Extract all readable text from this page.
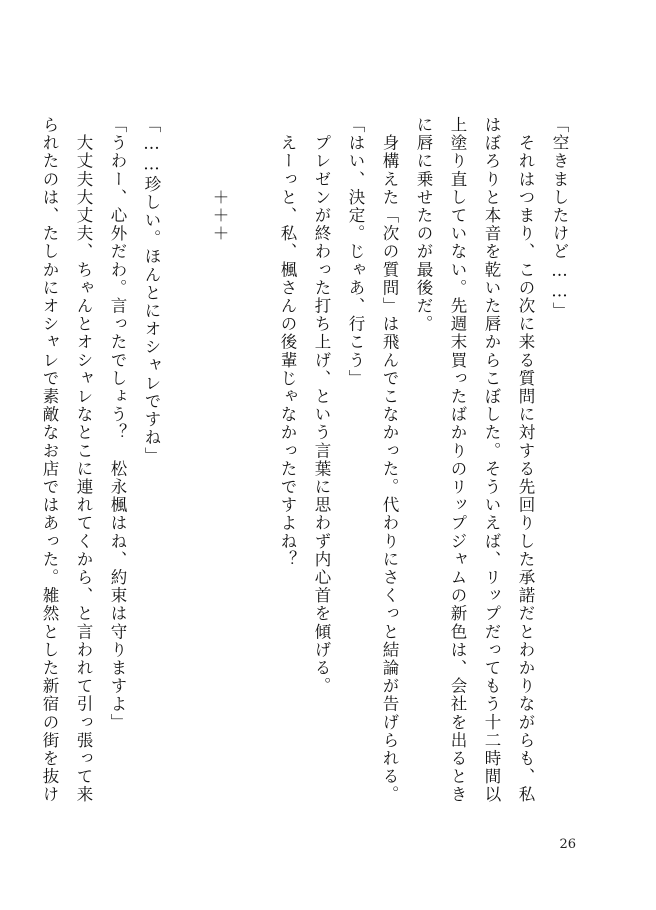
「空きましたけど……」
　それはつまり、この次に来る質問に対する先回りした承諾だとわかりながらも、私
はぼろりと本音を乾いた唇からこぼした。そういえば、リップだってもう十二時間以
上塗り直していない。先週末買ったばかりのリップジャムの新色は、会社を出るとき
に唇に乗せたのが最後だ。
　身構えた「次の質問」は飛んでこなかった。代わりにさくっと結論が告げられる。
「はい、決定。じゃあ、行こう」
　プレゼンが終わった打ち上げ、という言葉に思わず内心首を傾げる。
　えーっと、私、楓さんの後輩じゃなかったですよね？
　　　　＋＋＋
「……珍しい。ほんとにオシャレですね」
「うわー、心外だわ。言ったでしょう？　松永楓はね、約束は守りますよ」
　大丈夫大丈夫、ちゃんとオシャレなとこに連れてくから、と言われて引っ張って来
られたのは、たしかにオシャレで素敵なお店ではあった。雑然とした新宿の街を抜け
26
